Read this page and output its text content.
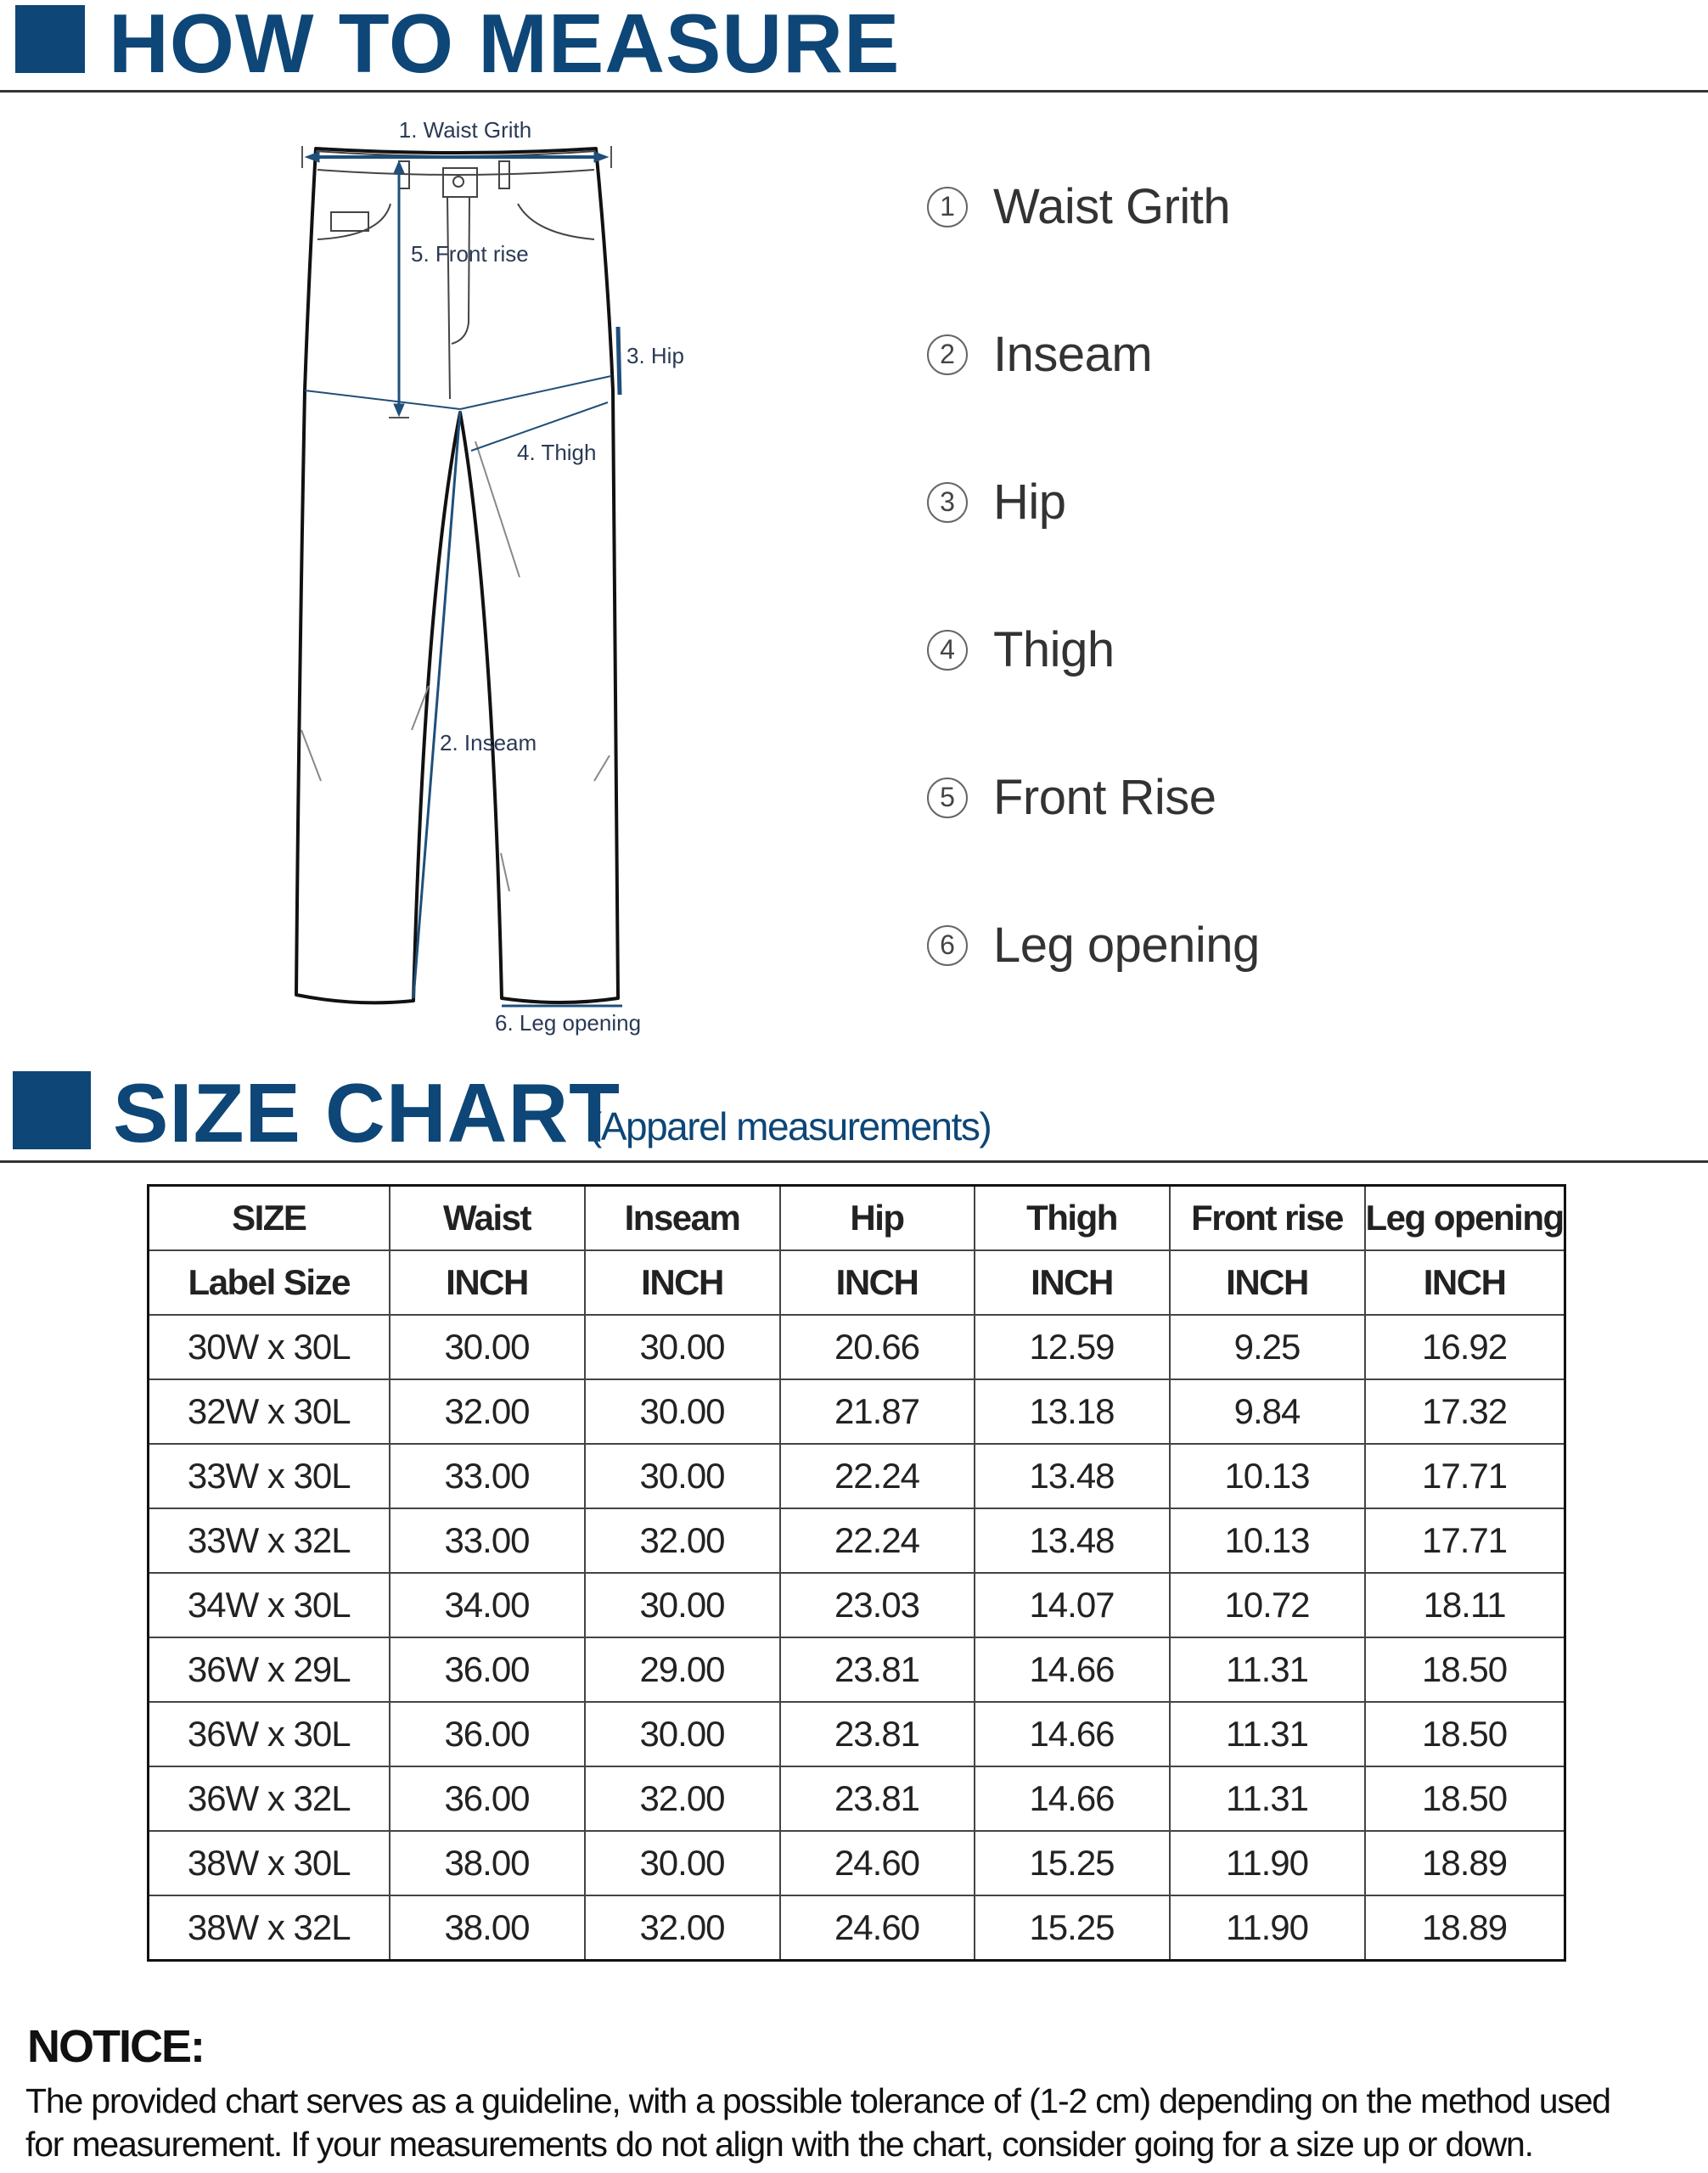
HOW TO MEASURE
1. Waist Grith
5. Front rise
3. Hip
4. Thigh
2. Inseam
6. Leg opening
1 Waist Grith
2 Inseam
3 Hip
4 Thigh
5 Front Rise
6 Leg opening
SIZE CHART
(Apparel measurements)
SIZE	Waist	Inseam	Hip	Thigh	Front rise	Leg opening
Label Size	INCH	INCH	INCH	INCH	INCH	INCH
30W x 30L	30.00	30.00	20.66	12.59	9.25	16.92
32W x 30L	32.00	30.00	21.87	13.18	9.84	17.32
33W x 30L	33.00	30.00	22.24	13.48	10.13	17.71
33W x 32L	33.00	32.00	22.24	13.48	10.13	17.71
34W x 30L	34.00	30.00	23.03	14.07	10.72	18.11
36W x 29L	36.00	29.00	23.81	14.66	11.31	18.50
36W x 30L	36.00	30.00	23.81	14.66	11.31	18.50
36W x 32L	36.00	32.00	23.81	14.66	11.31	18.50
38W x 30L	38.00	30.00	24.60	15.25	11.90	18.89
38W x 32L	38.00	32.00	24.60	15.25	11.90	18.89
NOTICE:
The provided chart serves as a guideline, with a possible tolerance of (1-2 cm) depending on the method used
for measurement. If your measurements do not align with the chart, consider going for a size up or down.
